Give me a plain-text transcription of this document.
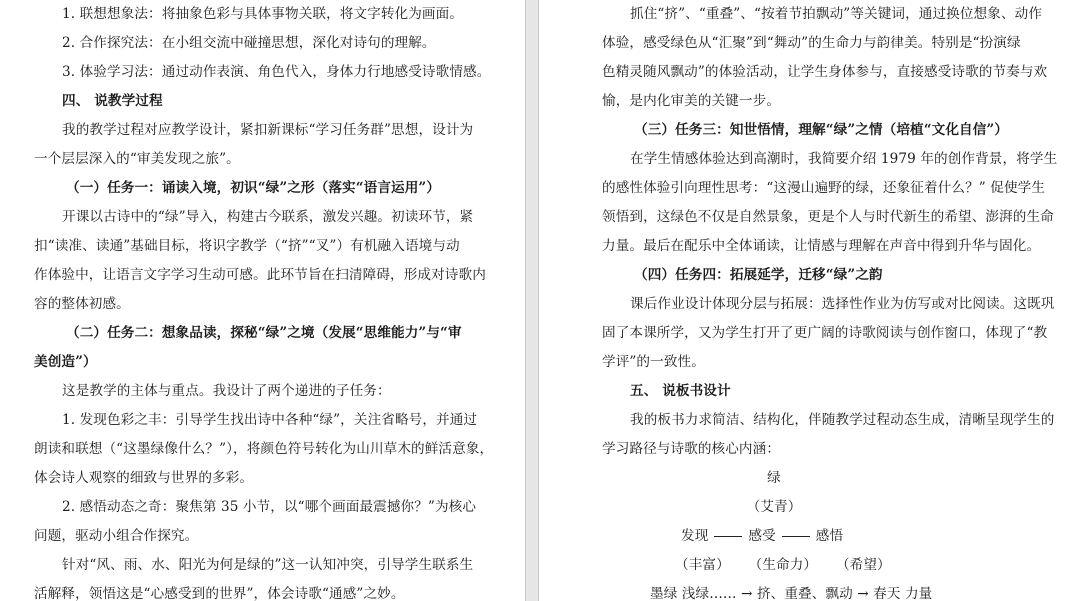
1. 联想想象法：将抽象色彩与具体事物关联，将文字转化为画面。
2. 合作探究法：在小组交流中碰撞思想，深化对诗句的理解。
3. 体验学习法：通过动作表演、角色代入，身体力行地感受诗歌情感。
四、 说教学过程
我的教学过程对应教学设计，紧扣新课标“学习任务群”思想，设计为
一个层层深入的“审美发现之旅”。
（一）任务一：诵读入境，初识“绿”之形（落实“语言运用”）
开课以古诗中的“绿”导入，构建古今联系，激发兴趣。初读环节，紧
扣“读准、读通”基础目标，将识字教学（“挤”“叉”）有机融入语境与动
作体验中，让语言文字学习生动可感。此环节旨在扫清障碍，形成对诗歌内
容的整体初感。
（二）任务二：想象品读，探秘“绿”之境（发展“思维能力”与“审
美创造”）
这是教学的主体与重点。我设计了两个递进的子任务：
1. 发现色彩之丰：引导学生找出诗中各种“绿”，关注省略号，并通过
朗读和联想（“这墨绿像什么？”），将颜色符号转化为山川草木的鲜活意象，
体会诗人观察的细致与世界的多彩。
2. 感悟动态之奇：聚焦第 35 小节，以“哪个画面最震撼你？”为核心
问题，驱动小组合作探究。
针对“风、雨、水、阳光为何是绿的”这一认知冲突，引导学生联系生
活解释，领悟这是“心感受到的世界”，体会诗歌“通感”之妙。
抓住“挤”、“重叠”、“按着节拍飘动”等关键词，通过换位想象、动作
体验，感受绿色从“汇聚”到“舞动”的生命力与韵律美。特别是“扮演绿
色精灵随风飘动”的体验活动，让学生身体参与，直接感受诗歌的节奏与欢
愉，是内化审美的关键一步。
（三）任务三：知世悟情，理解“绿”之情（培植“文化自信”）
在学生情感体验达到高潮时，我简要介绍 1979 年的创作背景，将学生
的感性体验引向理性思考：“这漫山遍野的绿，还象征着什么？” 促使学生
领悟到，这绿色不仅是自然景象，更是个人与时代新生的希望、澎湃的生命
力量。最后在配乐中全体诵读，让情感与理解在声音中得到升华与固化。
（四）任务四：拓展延学，迁移“绿”之韵
课后作业设计体现分层与拓展：选择性作业为仿写或对比阅读。这既巩
固了本课所学，又为学生打开了更广阔的诗歌阅读与创作窗口，体现了“教
学评”的一致性。
五、 说板书设计
我的板书力求简洁、结构化，伴随教学过程动态生成，清晰呈现学生的
学习路径与诗歌的核心内涵：
绿
（艾青）
发现	感受	感悟
（丰富） （生命力） （希望）
墨绿 浅绿…… → 挤、重叠、飘动 → 春天 力量
